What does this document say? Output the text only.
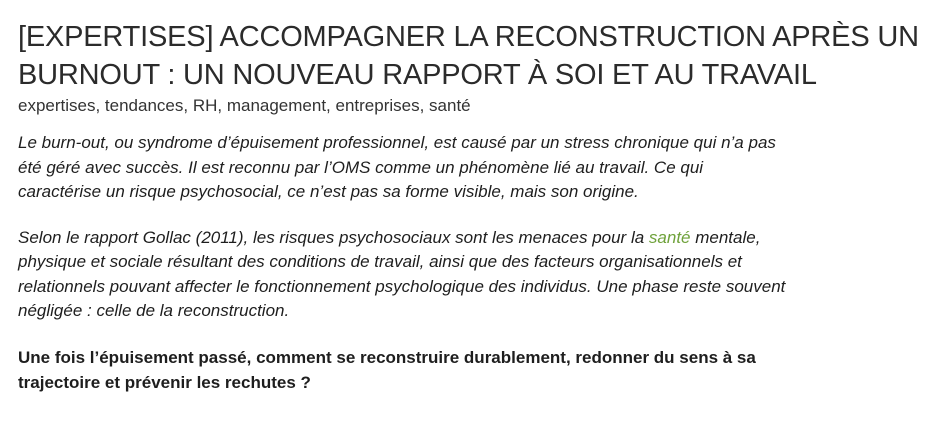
[EXPERTISES] ACCOMPAGNER LA RECONSTRUCTION APRÈS UN
BURNOUT : UN NOUVEAU RAPPORT À SOI ET AU TRAVAIL
expertises, tendances, RH, management, entreprises, santé

Le burn-out, ou syndrome d’épuisement professionnel, est causé par un stress chronique qui n’a pas
été géré avec succès. Il est reconnu par l’OMS comme un phénomène lié au travail. Ce qui
caractérise un risque psychosocial, ce n’est pas sa forme visible, mais son origine.

Selon le rapport Gollac (2011), les risques psychosociaux sont les menaces pour la santé mentale,
physique et sociale résultant des conditions de travail, ainsi que des facteurs organisationnels et
relationnels pouvant affecter le fonctionnement psychologique des individus. Une phase reste souvent
négligée : celle de la reconstruction.

Une fois l’épuisement passé, comment se reconstruire durablement, redonner du sens à sa
trajectoire et prévenir les rechutes ?
